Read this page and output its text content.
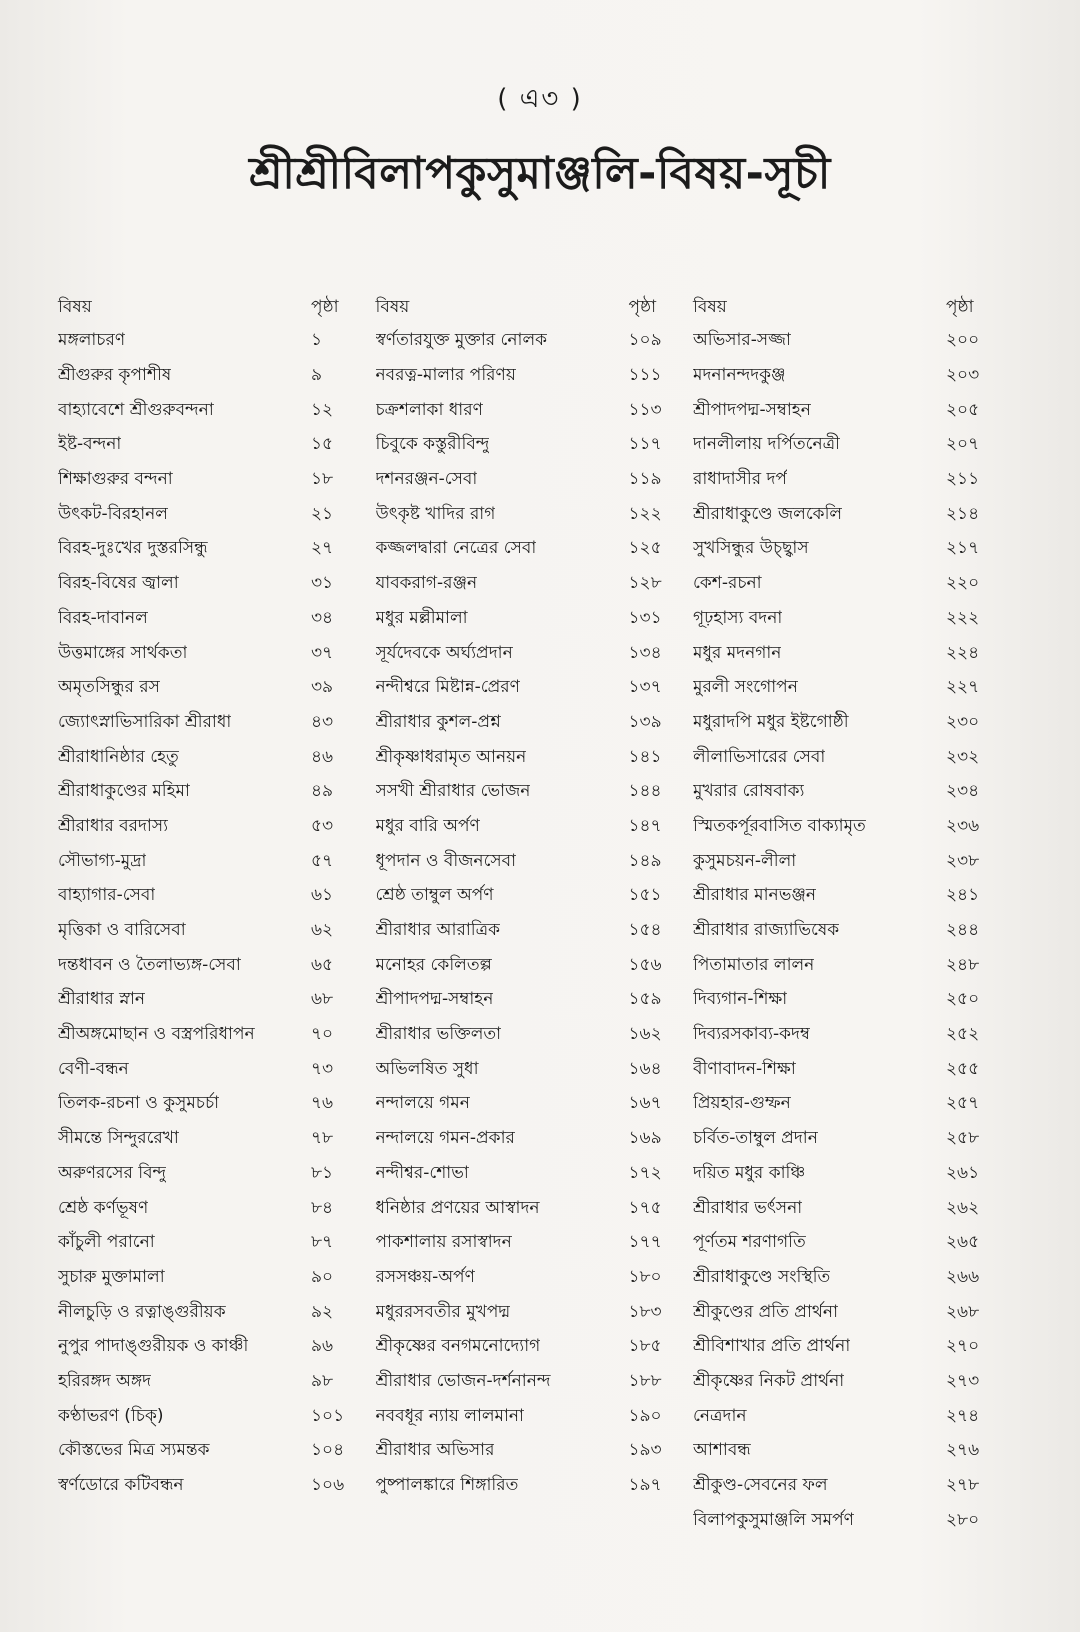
( এ৩ )
শ্রীশ্রীবিলাপকুসুমাঞ্জলি-বিষয়-সূচী
বিষয়	পৃষ্ঠা
মঙ্গলাচরণ	১
শ্রীগুরুর কৃপাশীষ	৯
বাহ্যাবেশে শ্রীগুরুবন্দনা	১২
ইষ্ট-বন্দনা	১৫
শিক্ষাগুরুর বন্দনা	১৮
উৎকট-বিরহানল	২১
বিরহ-দুঃখের দুস্তরসিন্ধু	২৭
বিরহ-বিষের জ্বালা	৩১
বিরহ-দাবানল	৩৪
উত্তমাঙ্গের সার্থকতা	৩৭
অমৃতসিন্ধুর রস	৩৯
জ্যোৎস্নাভিসারিকা শ্রীরাধা	৪৩
শ্রীরাধানিষ্ঠার হেতু	৪৬
শ্রীরাধাকুণ্ডের মহিমা	৪৯
শ্রীরাধার বরদাস্য	৫৩
সৌভাগ্য-মুদ্রা	৫৭
বাহ্যাগার-সেবা	৬১
মৃত্তিকা ও বারিসেবা	৬২
দন্তধাবন ও তৈলাভ্যঙ্গ-সেবা	৬৫
শ্রীরাধার স্নান	৬৮
শ্রীঅঙ্গমোছান ও বস্ত্রপরিধাপন	৭০
বেণী-বন্ধন	৭৩
তিলক-রচনা ও কুসুমচর্চা	৭৬
সীমন্তে সিন্দুররেখা	৭৮
অরুণরসের বিন্দু	৮১
শ্রেষ্ঠ কর্ণভূষণ	৮৪
কাঁচুলী পরানো	৮৭
সুচারু মুক্তামালা	৯০
নীলচুড়ি ও রত্নাঙ্গুরীয়ক	৯২
নুপুর পাদাঙ্গুরীয়ক ও কাঞ্চী	৯৬
হরিরঙ্গদ অঙ্গদ	৯৮
কণ্ঠাভরণ (চিক্)	১০১
কৌস্তভের মিত্র স্যমন্তক	১০৪
স্বর্ণডোরে কটিবন্ধন	১০৬
বিষয়	পৃষ্ঠা
স্বর্ণতারযুক্ত মুক্তার নোলক	১০৯
নবরত্ন-মালার পরিণয়	১১১
চক্রশলাকা ধারণ	১১৩
চিবুকে কস্তুরীবিন্দু	১১৭
দশনরঞ্জন-সেবা	১১৯
উৎকৃষ্ট খাদির রাগ	১২২
কজ্জলদ্বারা নেত্রের সেবা	১২৫
যাবকরাগ-রঞ্জন	১২৮
মধুর মল্লীমালা	১৩১
সূর্যদেবকে অর্ঘ্যপ্রদান	১৩৪
নন্দীশ্বরে মিষ্টান্ন-প্রেরণ	১৩৭
শ্রীরাধার কুশল-প্রশ্ন	১৩৯
শ্রীকৃষ্ণাধরামৃত আনয়ন	১৪১
সসখী শ্রীরাধার ভোজন	১৪৪
মধুর বারি অর্পণ	১৪৭
ধূপদান ও বীজনসেবা	১৪৯
শ্রেষ্ঠ তাম্বুল অর্পণ	১৫১
শ্রীরাধার আরাত্রিক	১৫৪
মনোহর কেলিতল্প	১৫৬
শ্রীপাদপদ্ম-সম্বাহন	১৫৯
শ্রীরাধার ভক্তিলতা	১৬২
অভিলষিত সুধা	১৬৪
নন্দালয়ে গমন	১৬৭
নন্দালয়ে গমন-প্রকার	১৬৯
নন্দীশ্বর-শোভা	১৭২
ধনিষ্ঠার প্রণয়ের আস্বাদন	১৭৫
পাকশালায় রসাস্বাদন	১৭৭
রসসঞ্চয়-অর্পণ	১৮০
মধুররসবতীর মুখপদ্ম	১৮৩
শ্রীকৃষ্ণের বনগমনোদ্যোগ	১৮৫
শ্রীরাধার ভোজন-দর্শনানন্দ	১৮৮
নববধূর ন্যায় লালমানা	১৯০
শ্রীরাধার অভিসার	১৯৩
পুষ্পালঙ্কারে শিঙ্গারিত	১৯৭
বিষয়	পৃষ্ঠা
অভিসার-সজ্জা	২০০
মদনানন্দদকুঞ্জ	২০৩
শ্রীপাদপদ্ম-সম্বাহন	২০৫
দানলীলায় দর্পিতনেত্রী	২০৭
রাধাদাসীর দর্প	২১১
শ্রীরাধাকুণ্ডে জলকেলি	২১৪
সুখসিন্ধুর উচ্ছ্বাস	২১৭
কেশ-রচনা	২২০
গূঢ়হাস্য বদনা	২২২
মধুর মদনগান	২২৪
মুরলী সংগোপন	২২৭
মধুরাদপি মধুর ইষ্টগোষ্ঠী	২৩০
লীলাভিসারের সেবা	২৩২
মুখরার রোষবাক্য	২৩৪
স্মিতকর্পূরবাসিত বাক্যামৃত	২৩৬
কুসুমচয়ন-লীলা	২৩৮
শ্রীরাধার মানভঞ্জন	২৪১
শ্রীরাধার রাজ্যাভিষেক	২৪৪
পিতামাতার লালন	২৪৮
দিব্যগান-শিক্ষা	২৫০
দিব্যরসকাব্য-কদম্ব	২৫২
বীণাবাদন-শিক্ষা	২৫৫
প্রিয়হার-গুম্ফন	২৫৭
চর্বিত-তাম্বুল প্রদান	২৫৮
দয়িত মধুর কাঞ্চি	২৬১
শ্রীরাধার ভর্ৎসনা	২৬২
পূর্ণতম শরণাগতি	২৬৫
শ্রীরাধাকুণ্ডে সংস্থিতি	২৬৬
শ্রীকুণ্ডের প্রতি প্রার্থনা	২৬৮
শ্রীবিশাখার প্রতি প্রার্থনা	২৭০
শ্রীকৃষ্ণের নিকট প্রার্থনা	২৭৩
নেত্রদান	২৭৪
আশাবন্ধ	২৭৬
শ্রীকুণ্ড-সেবনের ফল	২৭৮
বিলাপকুসুমাঞ্জলি সমর্পণ	২৮০
